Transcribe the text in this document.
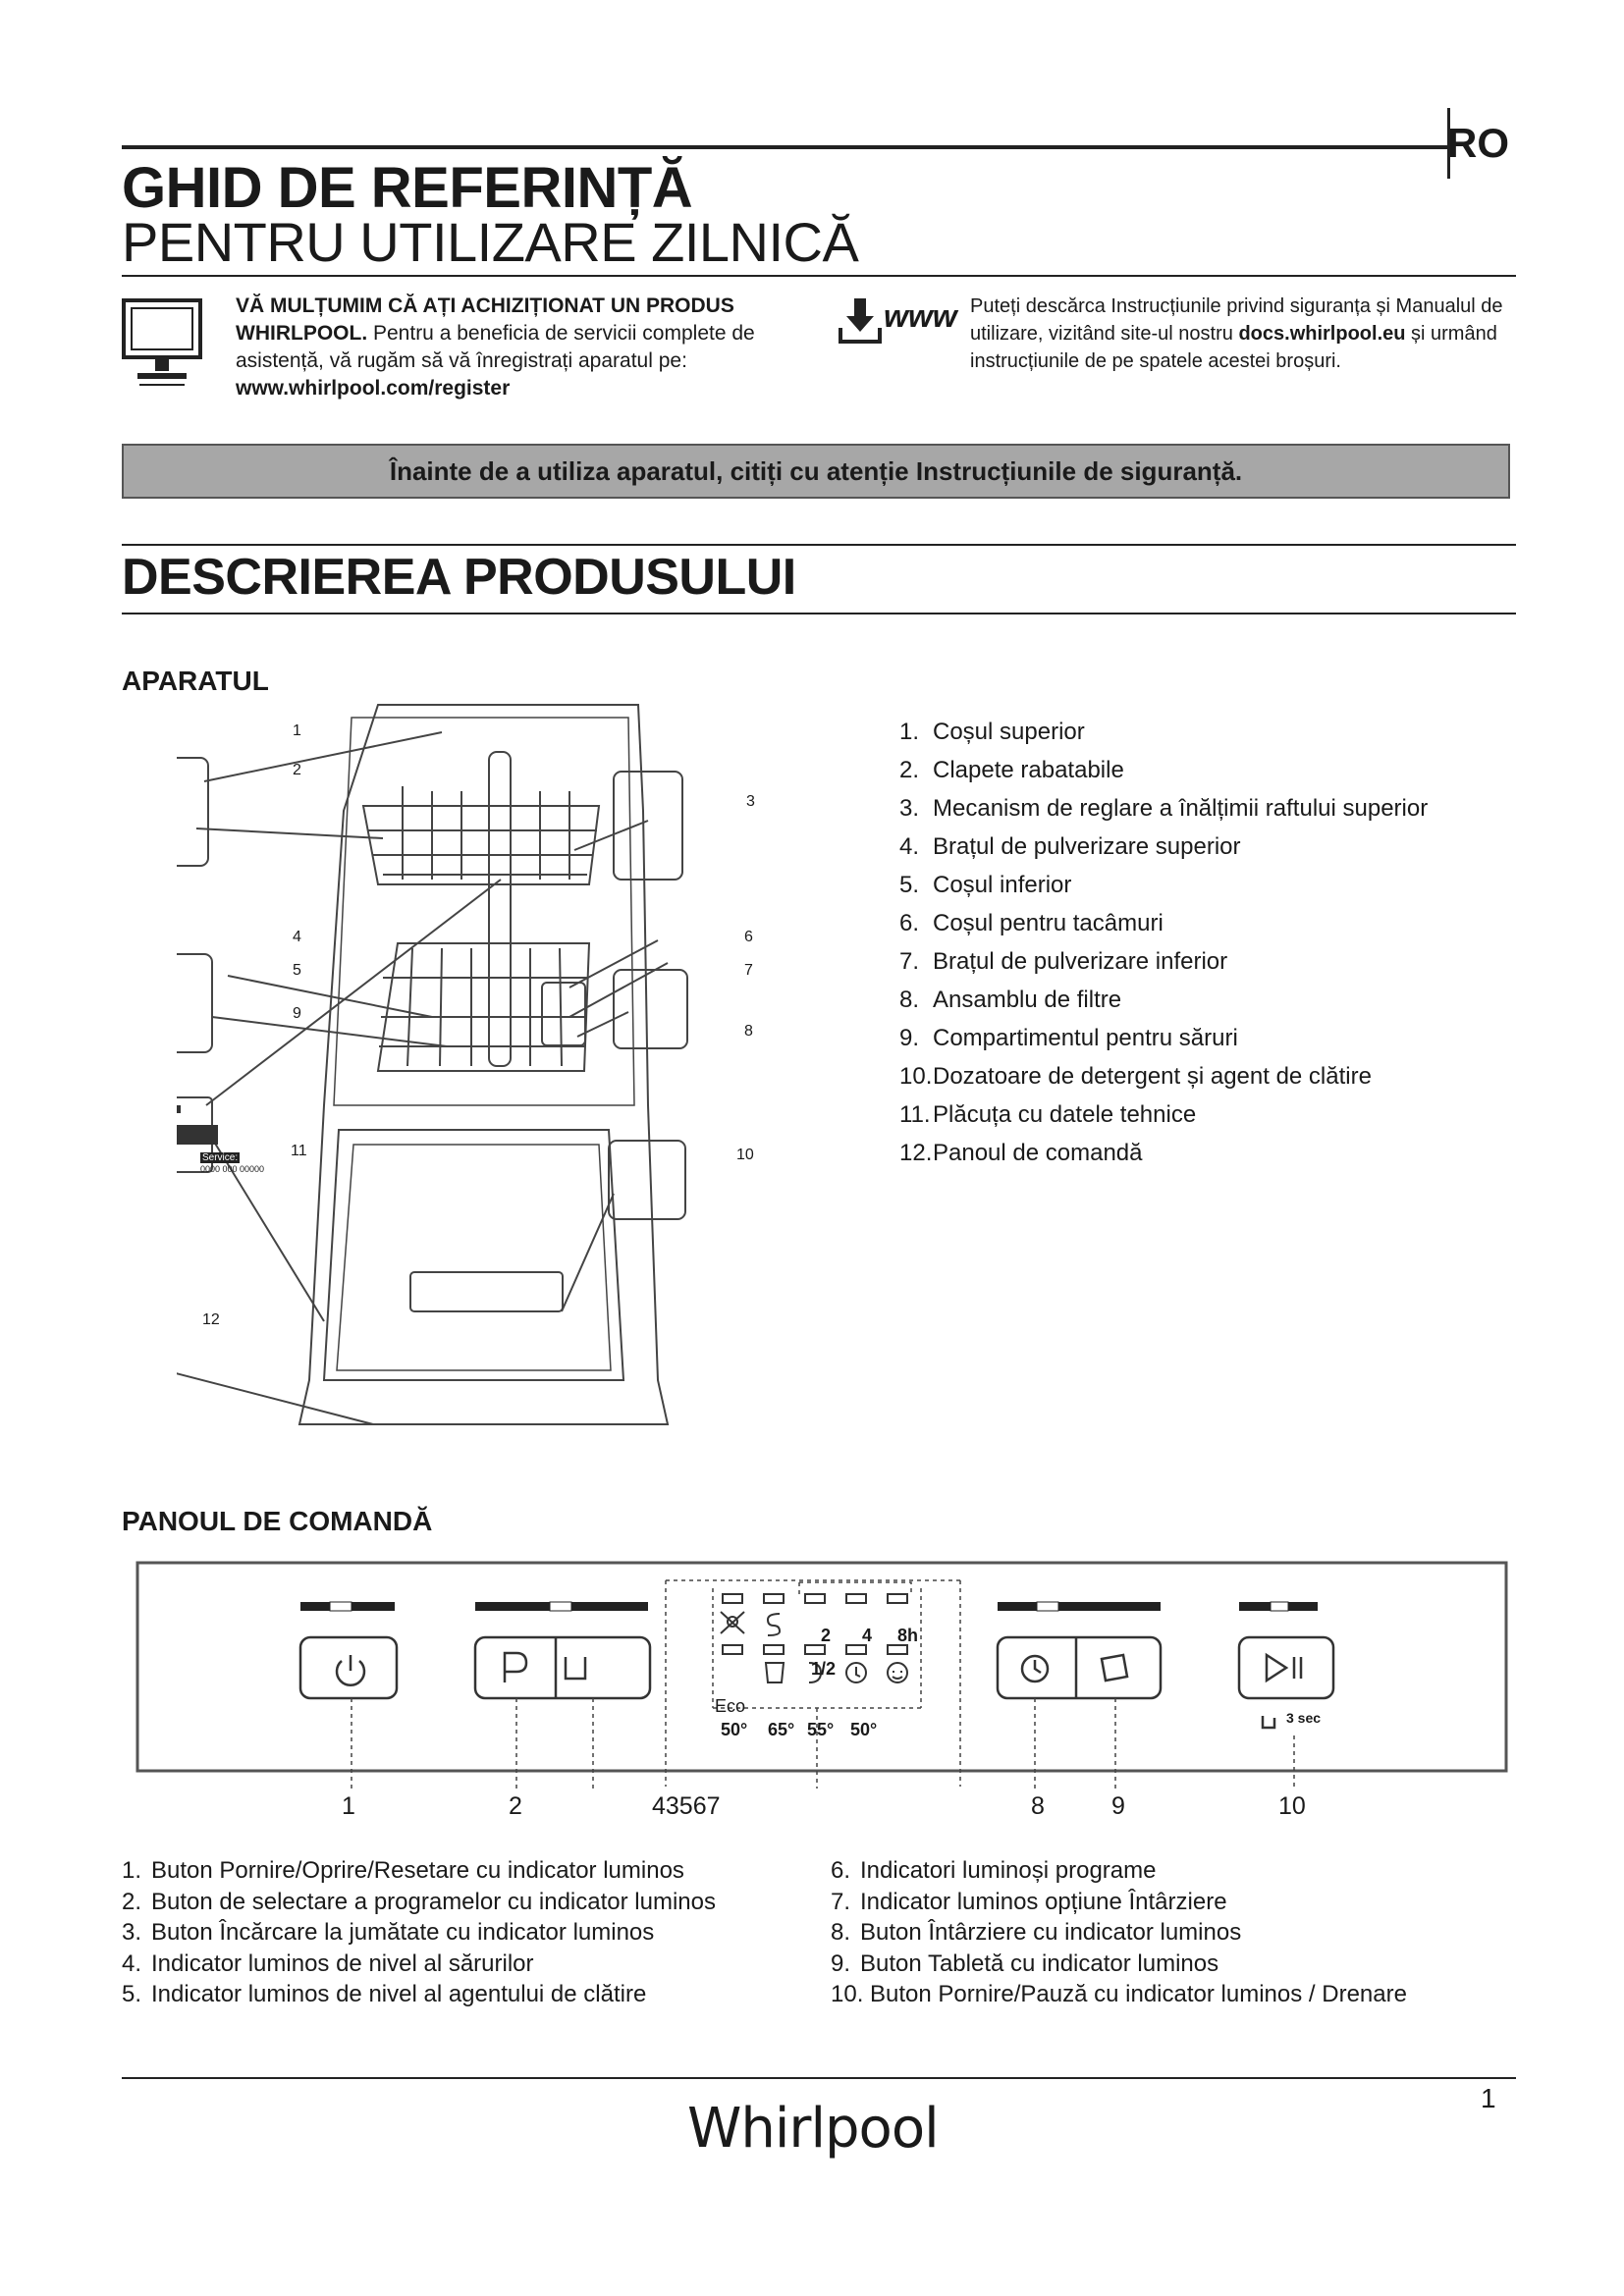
RO
GHID DE REFERINȚĂ
PENTRU UTILIZARE ZILNICĂ
VĂ MULȚUMIM CĂ AȚI ACHIZIȚIONAT UN PRODUS WHIRLPOOL. Pentru a beneficia de servicii complete de asistență, vă rugăm să vă înregistrați aparatul pe: www.whirlpool.com/register
www Puteți descărca Instrucțiunile privind siguranța și Manualul de utilizare, vizitând site-ul nostru docs.whirlpool.eu și urmând instrucțiunile de pe spatele acestei broșuri.
Înainte de a utiliza aparatul, citiți cu atenție Instrucțiunile de siguranță.
DESCRIEREA PRODUSULUI
APARATUL
1
2
3
4
5
6
7
8
9
10
11
12
Service:
0000 000 00000
1. Coșul superior
2. Clapete rabatabile
3. Mecanism de reglare a înălțimii raftului superior
4. Brațul de pulverizare superior
5. Coșul inferior
6. Coșul pentru tacâmuri
7. Brațul de pulverizare inferior
8. Ansamblu de filtre
9. Compartimentul pentru săruri
10.Dozatoare de detergent și agent de clătire
11. Plăcuța cu datele tehnice
12.Panoul de comandă
PANOUL DE COMANDĂ
1/2
2 4 8h
Eco
50° 65° 55° 50°
3 sec
1	2	43567	8	9	10
1. Buton Pornire/Oprire/Resetare cu indicator luminos
2. Buton de selectare a programelor cu indicator luminos
3. Buton Încărcare la jumătate cu indicator luminos
4. Indicator luminos de nivel al sărurilor
5. Indicator luminos de nivel al agentului de clătire
6. Indicatori luminoși programe
7. Indicator luminos opțiune Întârziere
8. Buton Întârziere cu indicator luminos
9. Buton Tabletă cu indicator luminos
10. Buton Pornire/Pauză cu indicator luminos / Drenare
1
Whirlpool
